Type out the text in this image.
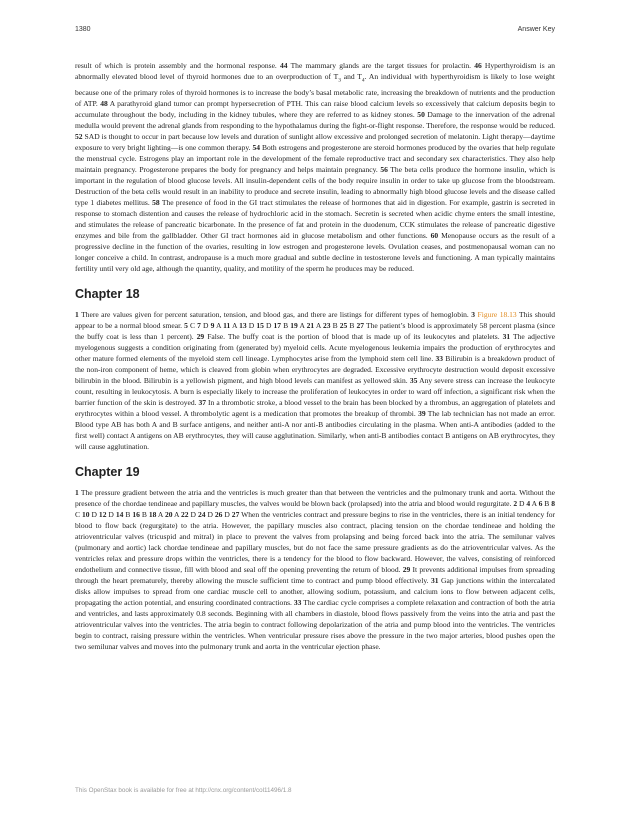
1380	Answer Key

result of which is protein assembly and the hormonal response. 44 The mammary glands are the target tissues for prolactin. 46 Hyperthyroidism is an abnormally elevated blood level of thyroid hormones due to an overproduction of $T_3$ and $T_4$. An individual with hyperthyroidism is likely to lose weight because one of the primary roles of thyroid hormones is to increase the body’s basal metabolic rate, increasing the breakdown of nutrients and the production of ATP. 48 A parathyroid gland tumor can prompt hypersecretion of PTH. This can raise blood calcium levels so excessively that calcium deposits begin to accumulate throughout the body, including in the kidney tubules, where they are referred to as kidney stones. 50 Damage to the innervation of the adrenal medulla would prevent the adrenal glands from responding to the hypothalamus during the fight-or-flight response. Therefore, the response would be reduced. 52 SAD is thought to occur in part because low levels and duration of sunlight allow excessive and prolonged secretion of melatonin. Light therapy—daytime exposure to very bright lighting—is one common therapy. 54 Both estrogens and progesterone are steroid hormones produced by the ovaries that help regulate the menstrual cycle. Estrogens play an important role in the development of the female reproductive tract and secondary sex characteristics. They also help maintain pregnancy. Progesterone prepares the body for pregnancy and helps maintain pregnancy. 56 The beta cells produce the hormone insulin, which is important in the regulation of blood glucose levels. All insulin-dependent cells of the body require insulin in order to take up glucose from the bloodstream. Destruction of the beta cells would result in an inability to produce and secrete insulin, leading to abnormally high blood glucose levels and the disease called type 1 diabetes mellitus. 58 The presence of food in the GI tract stimulates the release of hormones that aid in digestion. For example, gastrin is secreted in response to stomach distention and causes the release of hydrochloric acid in the stomach. Secretin is secreted when acidic chyme enters the small intestine, and stimulates the release of pancreatic bicarbonate. In the presence of fat and protein in the duodenum, CCK stimulates the release of pancreatic digestive enzymes and bile from the gallbladder. Other GI tract hormones aid in glucose metabolism and other functions. 60 Menopause occurs as the result of a progressive decline in the function of the ovaries, resulting in low estrogen and progesterone levels. Ovulation ceases, and postmenopausal woman can no longer conceive a child. In contrast, andropause is a much more gradual and subtle decline in testosterone levels and functioning. A man typically maintains fertility until very old age, although the quantity, quality, and motility of the sperm he produces may be reduced.

Chapter 18

1 There are values given for percent saturation, tension, and blood gas, and there are listings for different types of hemoglobin. 3 Figure 18.13 This should appear to be a normal blood smear. 5 C 7 D 9 A 11 A 13 D 15 D 17 B 19 A 21 A 23 B 25 B 27 The patient’s blood is approximately 58 percent plasma (since the buffy coat is less than 1 percent). 29 False. The buffy coat is the portion of blood that is made up of its leukocytes and platelets. 31 The adjective myelogenous suggests a condition originating from (generated by) myeloid cells. Acute myelogenous leukemia impairs the production of erythrocytes and other mature formed elements of the myeloid stem cell lineage. Lymphocytes arise from the lymphoid stem cell line. 33 Bilirubin is a breakdown product of the non-iron component of heme, which is cleaved from globin when erythrocytes are degraded. Excessive erythrocyte destruction would deposit excessive bilirubin in the blood. Bilirubin is a yellowish pigment, and high blood levels can manifest as yellowed skin. 35 Any severe stress can increase the leukocyte count, resulting in leukocytosis. A burn is especially likely to increase the proliferation of leukocytes in order to ward off infection, a significant risk when the barrier function of the skin is destroyed. 37 In a thrombotic stroke, a blood vessel to the brain has been blocked by a thrombus, an aggregation of platelets and erythrocytes within a blood vessel. A thrombolytic agent is a medication that promotes the breakup of thrombi. 39 The lab technician has not made an error. Blood type AB has both A and B surface antigens, and neither anti-A nor anti-B antibodies circulating in the plasma. When anti-A antibodies (added to the first well) contact A antigens on AB erythrocytes, they will cause agglutination. Similarly, when anti-B antibodies contact B antigens on AB erythrocytes, they will cause agglutination.

Chapter 19

1 The pressure gradient between the atria and the ventricles is much greater than that between the ventricles and the pulmonary trunk and aorta. Without the presence of the chordae tendineae and papillary muscles, the valves would be blown back (prolapsed) into the atria and blood would regurgitate. 2 D 4 A 6 B 8 C 10 D 12 D 14 B 16 B 18 A 20 A 22 D 24 D 26 D 27 When the ventricles contract and pressure begins to rise in the ventricles, there is an initial tendency for blood to flow back (regurgitate) to the atria. However, the papillary muscles also contract, placing tension on the chordae tendineae and holding the atrioventricular valves (tricuspid and mitral) in place to prevent the valves from prolapsing and being forced back into the atria. The semilunar valves (pulmonary and aortic) lack chordae tendineae and papillary muscles, but do not face the same pressure gradients as do the atrioventricular valves. As the ventricles relax and pressure drops within the ventricles, there is a tendency for the blood to flow backward. However, the valves, consisting of reinforced endothelium and connective tissue, fill with blood and seal off the opening preventing the return of blood. 29 It prevents additional impulses from spreading through the heart prematurely, thereby allowing the muscle sufficient time to contract and pump blood effectively. 31 Gap junctions within the intercalated disks allow impulses to spread from one cardiac muscle cell to another, allowing sodium, potassium, and calcium ions to flow between adjacent cells, propagating the action potential, and ensuring coordinated contractions. 33 The cardiac cycle comprises a complete relaxation and contraction of both the atria and ventricles, and lasts approximately 0.8 seconds. Beginning with all chambers in diastole, blood flows passively from the veins into the atria and past the atrioventricular valves into the ventricles. The atria begin to contract following depolarization of the atria and pump blood into the ventricles. The ventricles begin to contract, raising pressure within the ventricles. When ventricular pressure rises above the pressure in the two major arteries, blood pushes open the two semilunar valves and moves into the pulmonary trunk and aorta in the ventricular ejection phase.

This OpenStax book is available for free at http://cnx.org/content/col11496/1.8
